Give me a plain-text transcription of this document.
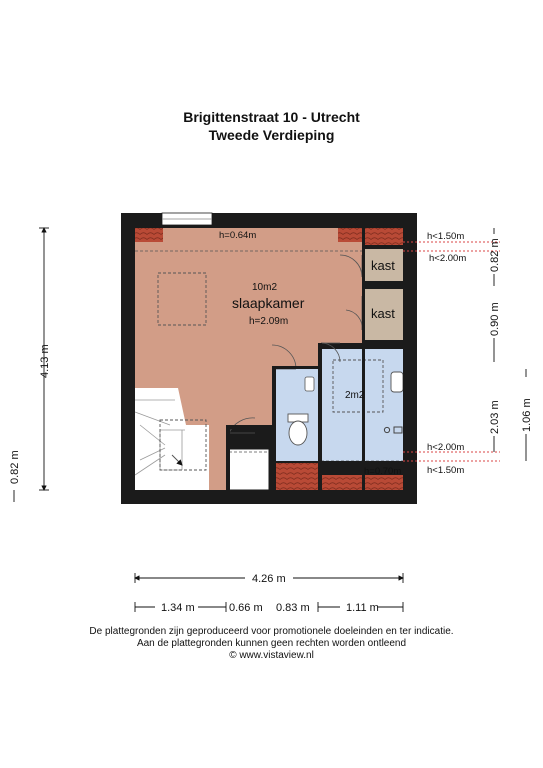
Brigittenstraat 10 - Utrecht
Tweede Verdieping
h=0.64m
10m2
slaapkamer
h=2.09m
kast
kast
2m2
h=0.70m
h<1.50m
h<2.00m
h<2.00m
h<1.50m
4.13 m
0.82 m
0.82 m
0.90 m
2.03 m 1.06 m
4.26 m
1.34 m	0.66 m 0.83 m	1.11 m
De plattegronden zijn geproduceerd voor promotionele doeleinden en ter indicatie.
Aan de plattegronden kunnen geen rechten worden ontleend
© www.vistaview.nl
